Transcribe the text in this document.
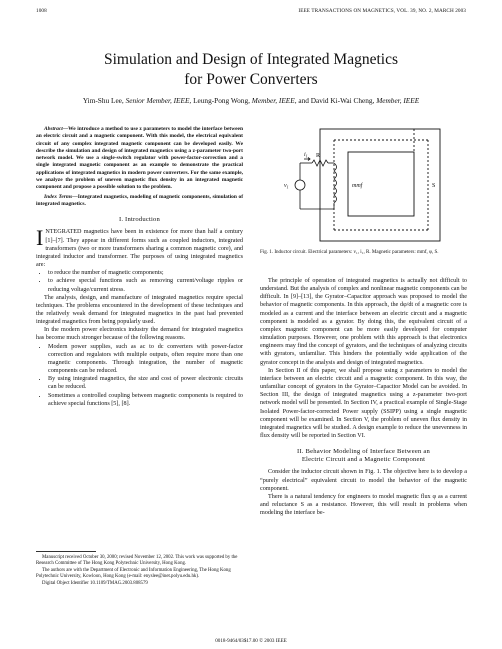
1008	IEEE TRANSACTIONS ON MAGNETICS, VOL. 39, NO. 2, MARCH 2003
Simulation and Design of Integrated Magnetics
for Power Converters
Yim-Shu Lee, Senior Member, IEEE, Leung-Pong Wong, Member, IEEE, and David Ki-Wai Cheng, Member, IEEE

Abstract—We introduce a method to use z parameters to model the interface between an electric circuit and a magnetic component. With this model, the electrical equivalent circuit of any complex integrated magnetic component can be developed easily. We describe the simulation and design of integrated magnetics using a z-parameter two-port network model. We use a single-switch regulator with power-factor-correction and a single integrated magnetic component as an example to demonstrate the practical applications of integrated magnetics in modern power converters. For the same example, we analyze the problem of uneven magnetic flux density in an integrated magnetic component and propose a possible solution to the problem.

Index Terms—Integrated magnetics, modeling of magnetic components, simulation of integrated magnetics.

I. Introduction

INTEGRATED magnetics have been in existence for more than half a century [1]–[7]. They appear in different forms such as coupled inductors, integrated transformers (two or more transformers sharing a common magnetic core), and integrated inductor and transformer. The purposes of using integrated magnetics are:

• to reduce the number of magnetic components;
• to achieve special functions such as removing current/voltage ripples or reducing voltage/current stress.

The analysis, design, and manufacture of integrated magnetics require special techniques. The problems encountered in the development of these techniques and the relatively weak demand for integrated magnetics in the past had prevented integrated magnetics from being popularly used.

In the modern power electronics industry the demand for integrated magnetics has become much stronger because of the following reasons.

• Modern power supplies, such as ac to dc converters with power-factor correction and regulators with multiple outputs, often require more than one magnetic components. Through integration, the number of magnetic components can be reduced.
• By using integrated magnetics, the size and cost of power electronic circuits can be reduced.
• Sometimes a controlled coupling between magnetic components is required to achieve special functions [5], [8].

Manuscript received October 30, 2000; revised November 12, 2002. This work was supported by the Research Committee of The Hong Kong Polytechnic University, Hong Kong.

The authors are with the Department of Electronic and Information Engineering, The Hong Kong Polytechnic University, Kowloon, Hong Kong (e-mail: enyslee@inet.polyu.edu.hk).

Digital Object Identifier 10.1109/TMAG.2003.808579

$i_1$ R
$v_1$	mmf	S
Fig. 1. Inductor circuit. Electrical parameters: v₁, i₁, R. Magnetic parameters: mmf, φ, S.

The principle of operation of integrated magnetics is actually not difficult to understand. But the analysis of complex and nonlinear magnetic components can be difficult. In [9]–[13], the Gyrator–Capacitor approach was proposed to model the behavior of magnetic components. In this approach, the dφ/dt of a magnetic core is modeled as a current and the interface between an electric circuit and a magnetic component is modeled as a gyrator. By doing this, the equivalent circuit of a complex magnetic component can be more easily developed for computer simulation purposes. However, one problem with this approach is that electronics engineers may find the concept of gyrators, and the techniques of analyzing circuits with gyrators, unfamiliar. This hinders the potentially wide application of the gyrator concept in the analysis and design of integrated magnetics.

In Section II of this paper, we shall propose using z parameters to model the interface between an electric circuit and a magnetic component. In this way, the unfamiliar concept of gyrators in the Gyrator–Capacitor Model can be avoided. In Section III, the design of integrated magnetics using a z-parameter two-port network model will be presented. In Section IV, a practical example of Single-Stage Isolated Power-factor-corrected Power supply (SSIPP) using a single magnetic component will be examined. In Section V, the problem of uneven flux density in integrated magnetics will be studied. A design example to reduce the unevenness in flux density will be reported in Section VI.

II. Behavior Modeling of Interface Between an
Electric Circuit and a Magnetic Component

Consider the inductor circuit shown in Fig. 1. The objective here is to develop a “purely electrical” equivalent circuit to model the behavior of the magnetic component.

There is a natural tendency for engineers to model magnetic flux φ as a current and reluctance S as a resistance. However, this will result in problems when modeling the interface be-

0018-9464/03$17.00 © 2003 IEEE
